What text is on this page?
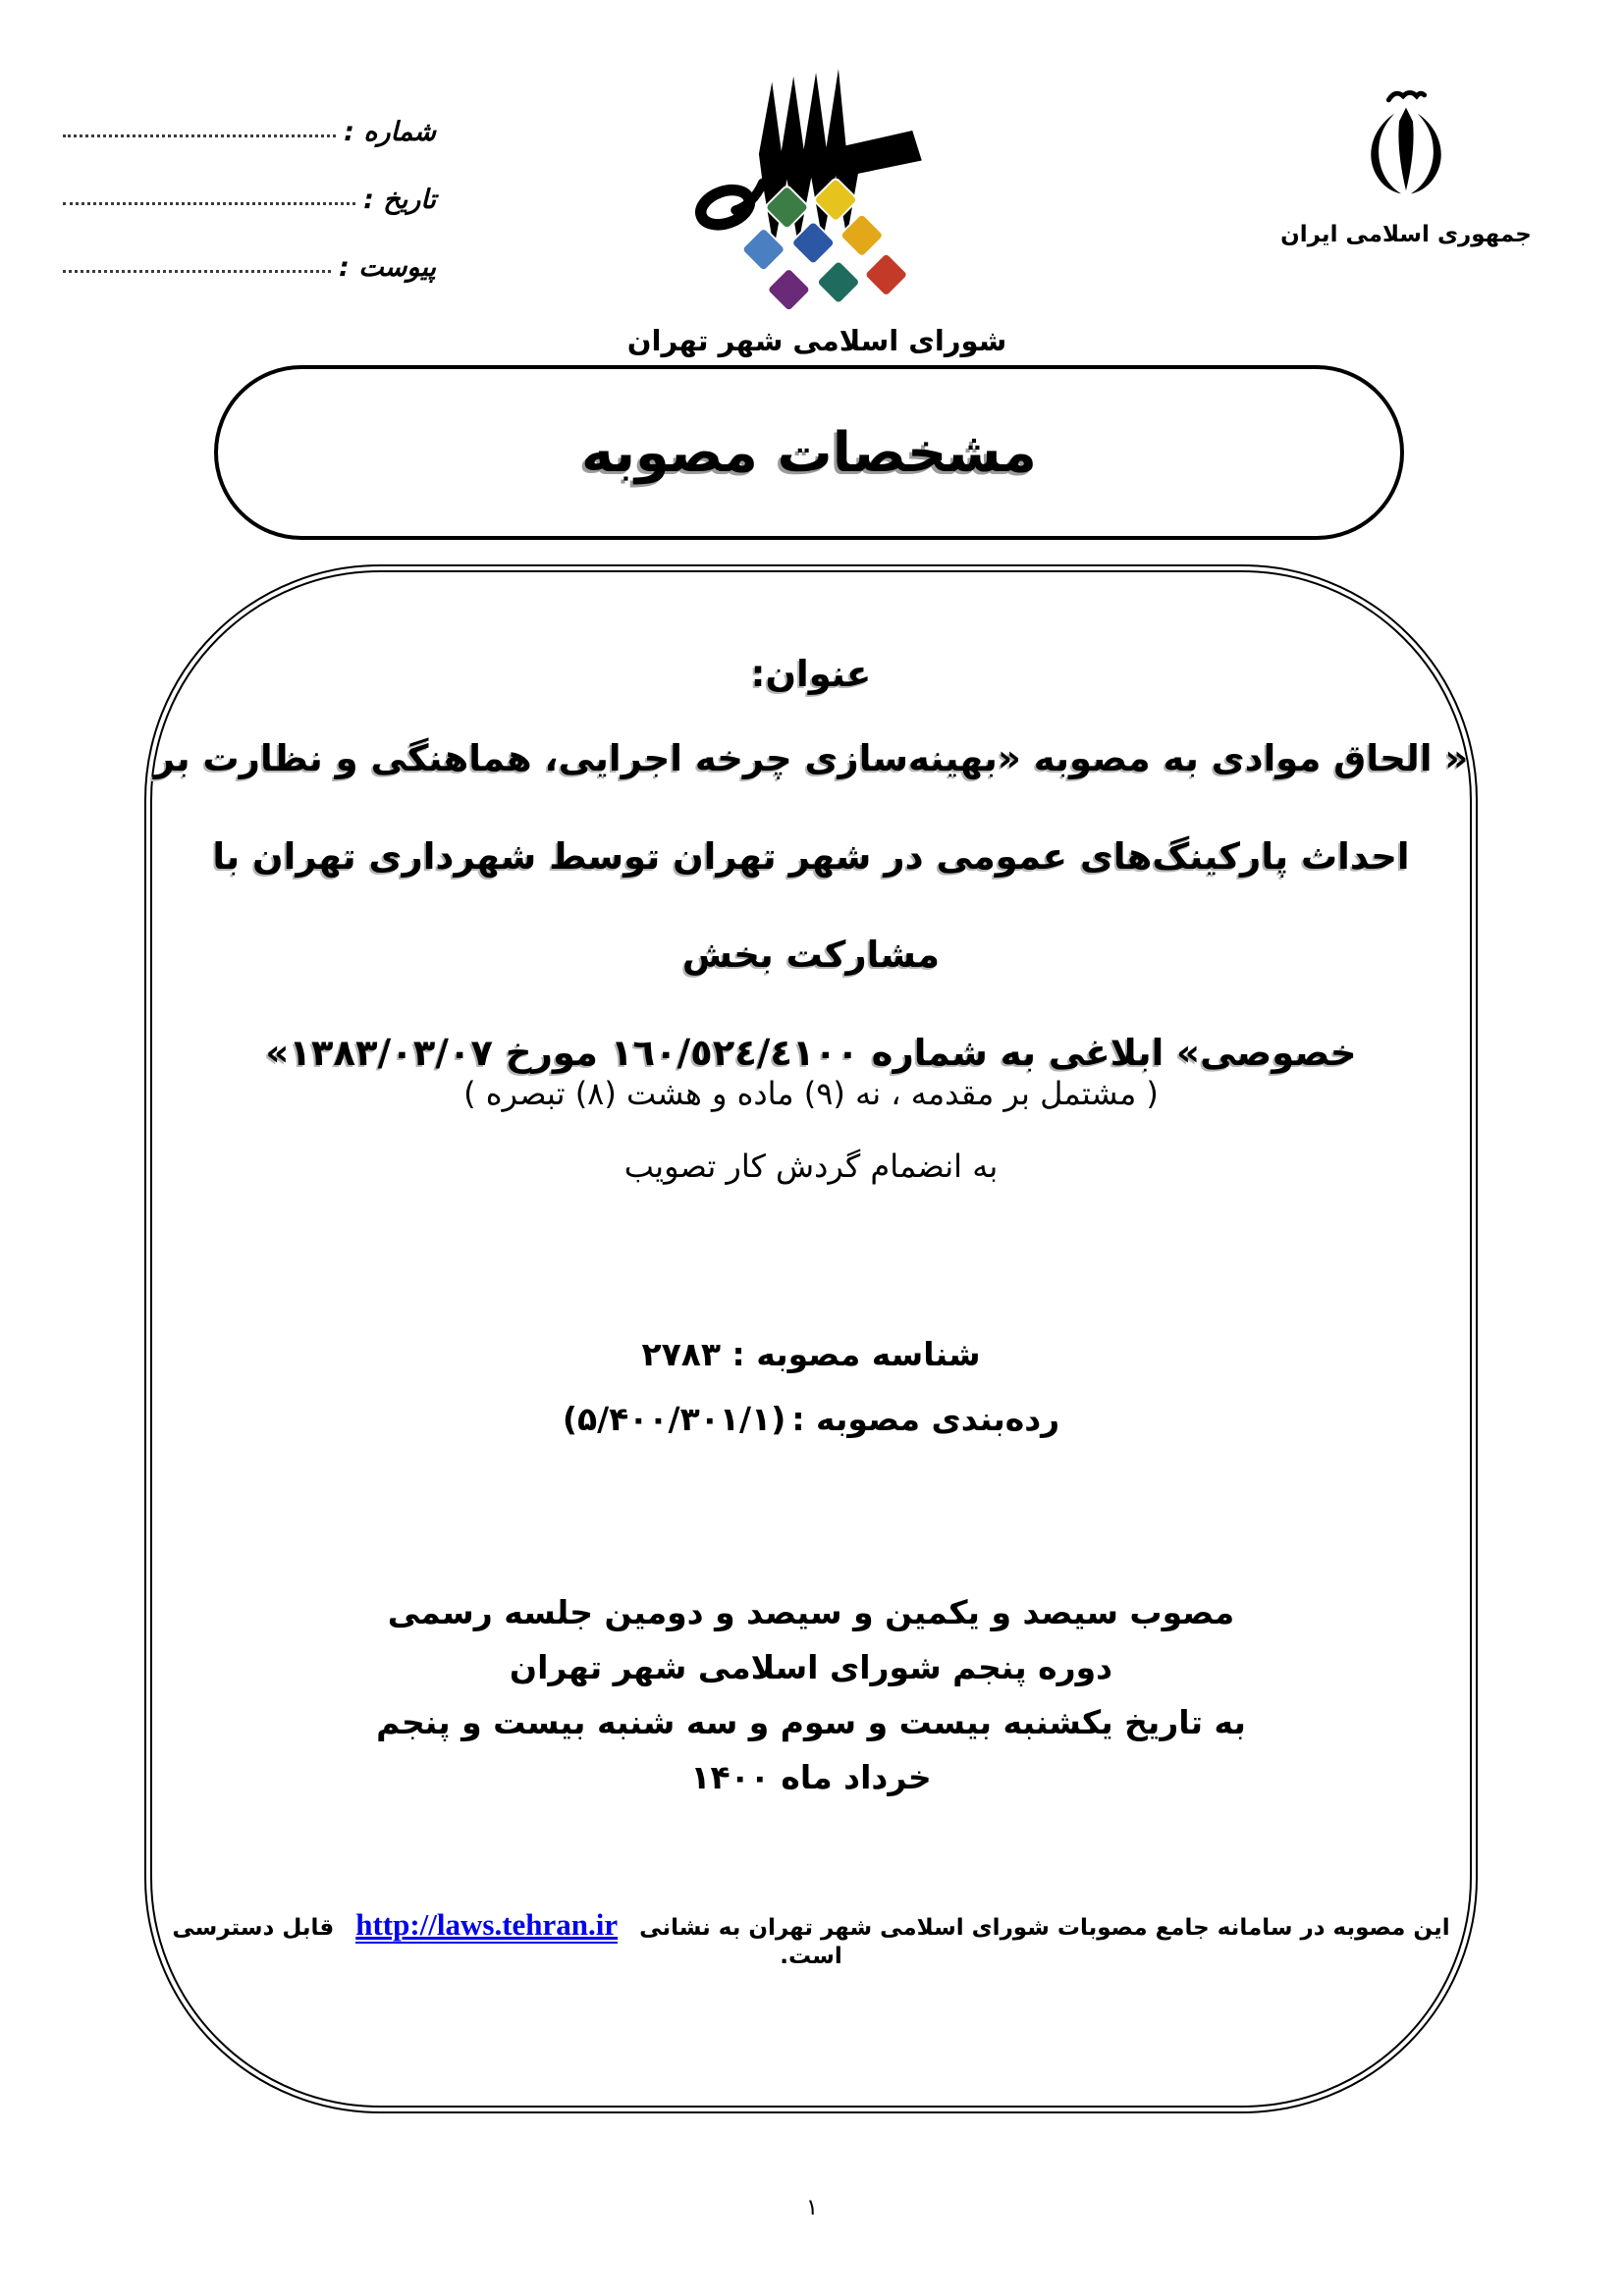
شماره :
تاریخ :
پیوست :
شورای اسلامی شهر تهران
جمهوری اسلامی ایران
مشخصات مصوبه
عنوان:
« الحاق موادی به مصوبه «بهینه‌سازی چرخه اجرایی، هماهنگی و نظارت بر
احداث پارکینگ‌های عمومی در شهر تهران توسط شهرداری تهران با مشارکت بخش
خصوصی» ابلاغی به شماره ١٦٠/٥٢٤/٤١٠٠ مورخ ١٣٨٣/٠٣/٠٧»
( مشتمل بر مقدمه ، نه (۹) ماده و هشت (۸) تبصره )
به انضمام گردش کار تصویب
شناسه مصوبه : ۲۷۸۳
رده‌بندی مصوبه :(۵/۴۰۰/۳۰۱/۱)
مصوب سیصد و یکمین و سیصد و دومین جلسه رسمی
دوره پنجم شورای اسلامی شهر تهران
به تاریخ یکشنبه بیست و سوم و سه شنبه بیست و پنجم
خرداد ماه ۱۴۰۰
این مصوبه در سامانه جامع مصوبات شورای اسلامی شهر تهران به نشانی http://laws.tehran.ir قابل دسترسی است.
۱
